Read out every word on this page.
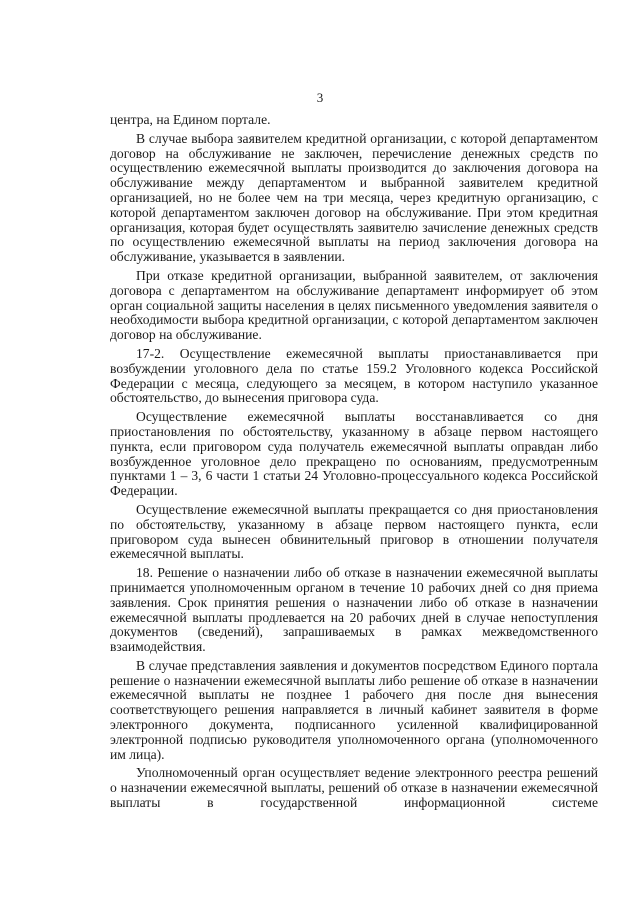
3

центра, на Едином портале.

В случае выбора заявителем кредитной организации, с которой департаментом договор на обслуживание не заключен, перечисление денежных средств по осуществлению ежемесячной выплаты производится до заключения договора на обслуживание между департаментом и выбранной заявителем кредитной организацией, но не более чем на три месяца, через кредитную организацию, с которой департаментом заключен договор на обслуживание. При этом кредитная организация, которая будет осуществлять заявителю зачисление денежных средств по осуществлению ежемесячной выплаты на период заключения договора на обслуживание, указывается в заявлении.

При отказе кредитной организации, выбранной заявителем, от заключения договора с департаментом на обслуживание департамент информирует об этом орган социальной защиты населения в целях письменного уведомления заявителя о необходимости выбора кредитной организации, с которой департаментом заключен договор на обслуживание.

17-2. Осуществление ежемесячной выплаты приостанавливается при возбуждении уголовного дела по статье 159.2 Уголовного кодекса Российской Федерации с месяца, следующего за месяцем, в котором наступило указанное обстоятельство, до вынесения приговора суда.

Осуществление ежемесячной выплаты восстанавливается со дня приостановления по обстоятельству, указанному в абзаце первом настоящего пункта, если приговором суда получатель ежемесячной выплаты оправдан либо возбужденное уголовное дело прекращено по основаниям, предусмотренным пунктами 1 – 3, 6 части 1 статьи 24 Уголовно-процессуального кодекса Российской Федерации.

Осуществление ежемесячной выплаты прекращается со дня приостановления по обстоятельству, указанному в абзаце первом настоящего пункта, если приговором суда вынесен обвинительный приговор в отношении получателя ежемесячной выплаты.

18. Решение о назначении либо об отказе в назначении ежемесячной выплаты принимается уполномоченным органом в течение 10 рабочих дней со дня приема заявления. Срок принятия решения о назначении либо об отказе в назначении ежемесячной выплаты продлевается на 20 рабочих дней в случае непоступления документов (сведений), запрашиваемых в рамках межведомственного взаимодействия.

В случае представления заявления и документов посредством Единого портала решение о назначении ежемесячной выплаты либо решение об отказе в назначении ежемесячной выплаты не позднее 1 рабочего дня после дня вынесения соответствующего решения направляется в личный кабинет заявителя в форме электронного документа, подписанного усиленной квалифицированной электронной подписью руководителя уполномоченного органа (уполномоченного им лица).

Уполномоченный орган осуществляет ведение электронного реестра решений о назначении ежемесячной выплаты, решений об отказе в назначении ежемесячной выплаты в государственной информационной системе
